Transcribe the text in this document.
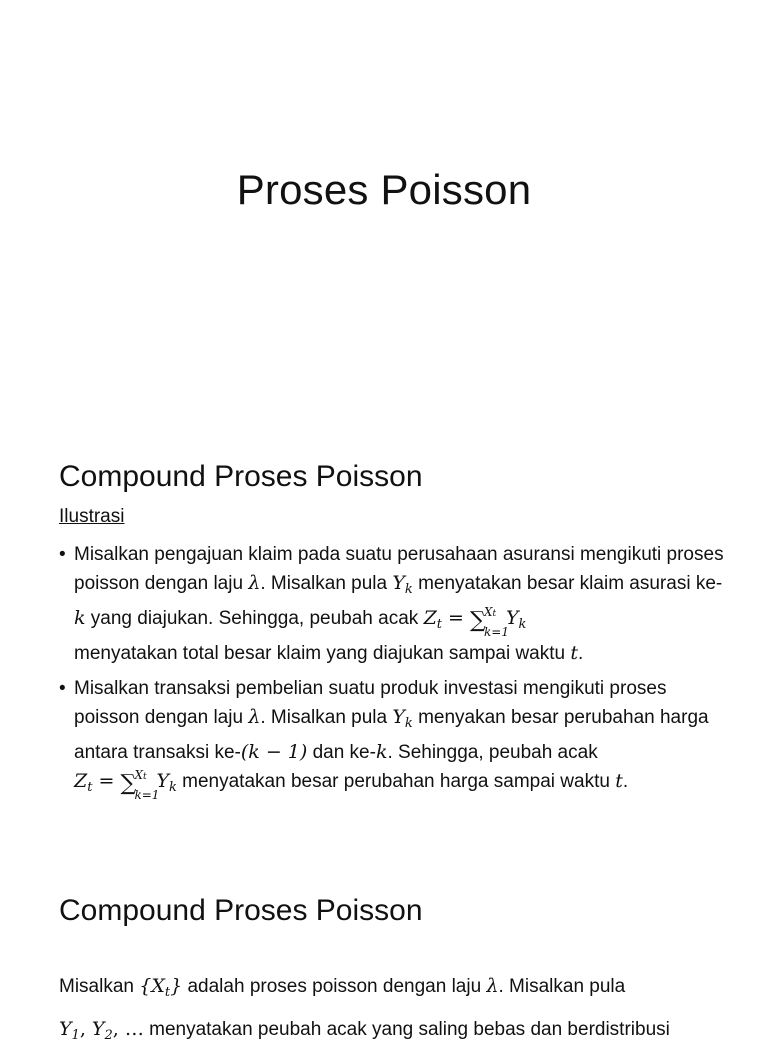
Proses Poisson
Compound Proses Poisson
Ilustrasi
• Misalkan pengajuan klaim pada suatu perusahaan asuransi mengikuti proses poisson dengan laju λ. Misalkan pula $Y_k$ menyatakan besar klaim asurasi ke-k yang diajukan. Sehingga, peubah acak $Z_t$ = ∑
Xt
k=1
$Y_k$
menyatakan total besar klaim yang diajukan sampai waktu t.
• Misalkan transaksi pembelian suatu produk investasi mengikuti proses poisson dengan laju λ. Misalkan pula $Y_k$ menyakan besar perubahan harga antara transaksi ke-(k − 1) dan ke-k. Sehingga, peubah acak
$Z_t$ = ∑
Xt
k=1
$Y_k$ menyatakan besar perubahan harga sampai waktu t.
Compound Proses Poisson
Misalkan $\{X_t\}$ adalah proses poisson dengan laju λ. Misalkan pula
$Y_1$, $Y_2$, … menyatakan peubah acak yang saling bebas dan berdistribusi
